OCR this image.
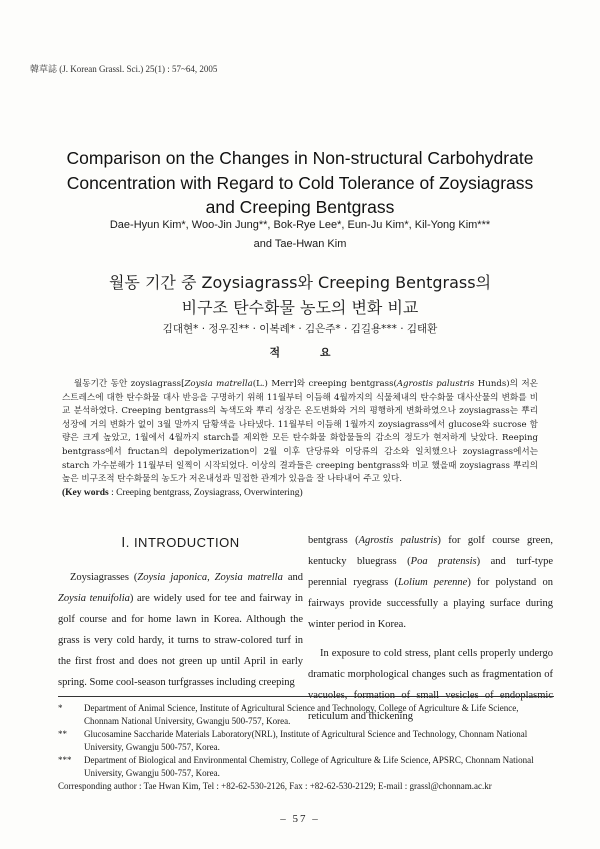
韓草誌 (J. Korean Grassl. Sci.) 25(1) : 57~64, 2005
Comparison on the Changes in Non-structural Carbohydrate
Concentration with Regard to Cold Tolerance of Zoysiagrass
and Creeping Bentgrass
Dae-Hyun Kim*, Woo-Jin Jung**, Bok-Rye Lee*, Eun-Ju Kim*, Kil-Yong Kim***
and Tae-Hwan Kim
월동 기간 중 Zoysiagrass와 Creeping Bentgrass의
비구조 탄수화물 농도의 변화 비교
김대현* · 정우진** · 이복례* · 김은주* · 김길용*** · 김태환
적 요

월동기간 동안 zoysiagrass[Zoysia matrella(L.) Merr]와 creeping bentgrass(Agrostis palustris Hunds)의 저온 스트레스에 대한 탄수화물 대사 반응을 구명하기 위해 11월부터 이듬해 4월까지의 식물체내의 탄수화물 대사산물의 변화를 비교 분석하였다. Creeping bentgrass의 녹색도와 뿌리 성장은 온도변화와 거의 평행하게 변화하였으나 zoysiagrass는 뿌리 성장에 거의 변화가 없이 3월 말까지 담황색을 나타냈다. 11월부터 이듬해 1월까지 zoysiagrass에서 glucose와 sucrose 함량은 크게 높았고, 1월에서 4월까지 starch를 제외한 모든 탄수화물 화합물들의 감소의 정도가 현저하게 낮았다. Reeping bentgrass에서 fructan의 depolymerization이 2월 이후 단당류와 이당류의 감소와 일치했으나 zoysiagrass에서는 starch 가수분해가 11월부터 일찍이 시작되었다. 이상의 결과들은 creeping bentgrass와 비교 했을때 zoysiagrass 뿌리의 높은 비구조적 탄수화물의 농도가 저온내성과 밀접한 관계가 있음을 잘 나타내어 주고 있다.

(Key words : Creeping bentgrass, Zoysiagrass, Overwintering)
Ⅰ. INTRODUCTION

Zoysiagrasses (Zoysia japonica, Zoysia matrella and Zoysia tenuifolia) are widely used for tee and fairway in golf course and for home lawn in Korea. Although the grass is very cold hardy, it turns to straw-colored turf in the first frost and does not green up until April in early spring. Some cool-season turfgrasses including creeping

bentgrass (Agrostis palustris) for golf course green, kentucky bluegrass (Poa pratensis) and turf-type perennial ryegrass (Lolium perenne) for polystand on fairways provide successfully a playing surface during winter period in Korea.

In exposure to cold stress, plant cells properly undergo dramatic morphological changes such as fragmentation of vacuoles, formation of small vesicles of endoplasmic reticulum and thickening

* Department of Animal Science, Institute of Agricultural Science and Technology, College of Agriculture & Life Science, Chonnam National University, Gwangju 500-757, Korea.
** Glucosamine Saccharide Materials Laboratory(NRL), Institute of Agricultural Science and Technology, Chonnam National University, Gwangju 500-757, Korea.
*** Department of Biological and Environmental Chemistry, College of Agriculture & Life Science, APSRC, Chonnam National University, Gwangju 500-757, Korea.
Corresponding author : Tae Hwan Kim, Tel : +82-62-530-2126, Fax : +82-62-530-2129; E-mail : grassl@chonnam.ac.kr
– 57 –
